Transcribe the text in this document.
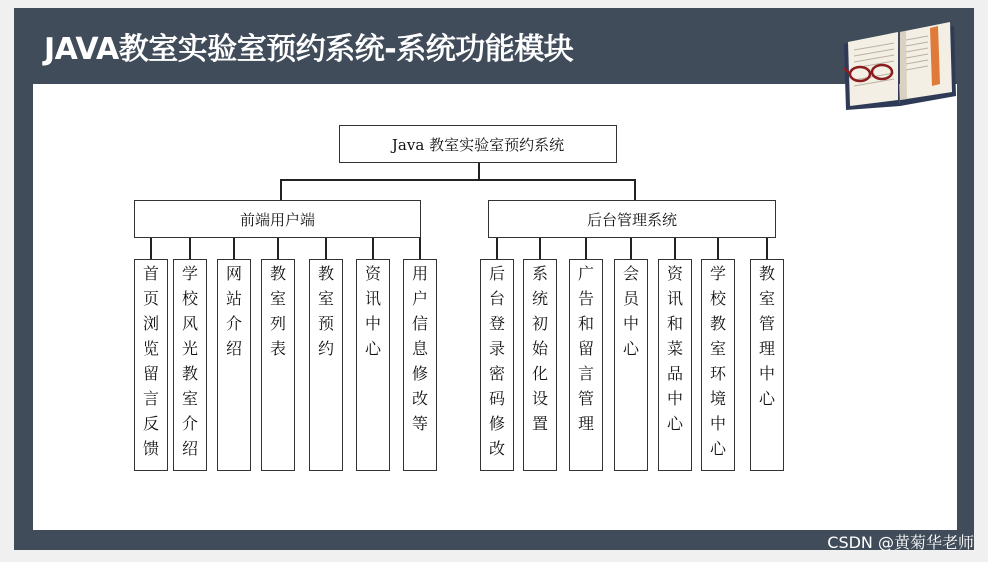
JAVA教室实验室预约系统-系统功能模块
Java 教室实验室预约系统
前端用户端	后台管理系统
首
页
浏
览
留
言
反
馈
学
校
风
光
教
室
介
绍
网
站
介
绍
教
室
列
表
教
室
预
约
资
讯
中
心
用
户
信
息
修
改
等
后
台
登
录
密
码
修
改
系
统
初
始
化
设
置
广
告
和
留
言
管
理
会
员
中
心
资
讯
和
菜
品
中
心
学
校
教
室
环
境
中
心
教
室
管
理
中
心
CSDN @黄菊华老师
